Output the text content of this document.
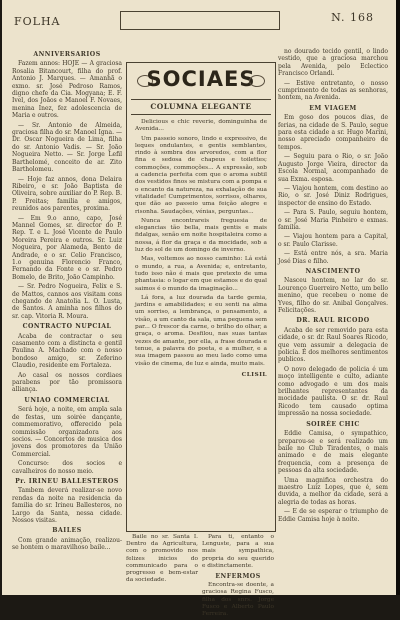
FOLHA	N. 168
ANNIVERSARIOS

Fazem annos: HOJE — A graciosa Rosalia Bitancourt, filha do prof. Antonio J. Marques. — Amanhã o exmo. sr. José Pedroso Ramos, digno chefe da Cia. Mogyana; E. F. Ivel, dos Joãos e Manoel F. Novaes, menina Inez, fez adolescencia de Maria e outros.

— Sr. Antonio de Almeida, graciosa filha do sr. Manoel Igna. — Dr. Oscar Nogueira de Lima, filha do sr. Antonio Vadis. — Sr. João Nogueira Netto. — Sr. Jorge Lefil Barthelomé, conceito de ar. Zito Bartholomeu.

— Hoje faz annos, dona Delaira Ribeiro, e sr. João Baptista de Oliveira, sobre auxiliar do P. Rep. B. P. Freitas; familia e amigos, reunidos aos parentes, proxima.

— Em 9.o anno, capo, José Mannel Gomes, sr. director do P. Rep. T. e L. José Vicente de Paulo Moreira Pereira e outros. Sr. Luiz Nogueira, por Alameda, Bento de Andrade, e o sr. Celio Francisco, 1.o genuina Florencio Franco, Fernando da Fonte e o sr. Pedro Bomelo, de Brito, João Campinho.

— Sr. Pedro Nogueira, Felix e S. de Mattos, cannos aos visitam cons chegando de Anatolia L. O. Lusta, de Santos. A aminha nos filhos do sr. cap. Vitoria R. Moura.

CONTRACTO NUPCIAL

Acaba de contractar o seu casamento com a distincta e gentil Paulina A. Machado com o nosso bondoso amigo, sr. Zeferino Claudio, residente em Fortaleza.

Ao casal os nossos cordiaes parabens por tão promissora alliança.

UNIAO COMMERCIAL

Será hoje, a noite, em ampla sala de festas, um soirée dançante, commemorativo, offerecido pela commissão organizadora aos socios. — Concertos de musica dos jovens dos promotores da União Commercial.

Concurso: dos socios e cavalheiros do nosso meio.

Pr. IRINEU BALLESTEROS

Tambem deverá realizar-se novo rendas da noite na residencia da familia do sr. Irineu Ballesteros, no Largo da Santa, nessa cidade. Nossos visitas.

BAILES

Com grande animação, realizou-se hontem o maravilhoso baile...

SOCIAES
COLUMNA ELEGANTE

Delicious e chic reverie, dominguinha de Avenida...

Um passeio sonoro, lindo e expressivo, de leques ondulantes, e gentis semblantes, rindo à sombra dos arvoredos, com a flor fina e sedosa de chapeus e toilettes; commoções, commoções... A expressão, sob a cadencia perfeita com que o aroma subtil dos vestidos finos se mistura com a pompa e o encanto da natureza, na exhalação de sua vitalidade! Cumprimentos, sorrisos, olhares, que dão ao passeio uma feição alegre e risonha. Saudações, vénias, perguntas...

Nunca encontrareis freguesia de elegancias tão bella, mais gentis e mais fidalgas, senão em noite hospitaleira como a nossa, á flor da graça e da mocidade, sob a luz do sol de um domingo de inverno.

Mas, voltemos ao nosso caminho: Lá está o mundo, a rua, a Avenida; e, entretanto, tudo isso não é mais que pretexto de uma phantasia: o logar em que estamos e do qual saimos é o mundo da imaginação...

Lá fora, a luz dourada da tarde gemia, jardins e amabilidades; e eu senti na alma um sorriso, a lembrança, o pensamento, a visão, a um canto da sala, uma pequena sem par... O frescor da carne, o brilho do olhar, a graça, o aroma. Desfilou, nas suas tantas vezes de amante, por ella, a frase dourada e tenue, a palavra do poeta, e a mulher, e a sua imagem passou ao meu lado como uma visão de cinema, de luz e ainda, muito mais.

CLISIL

no dourado tecido gentil, o lindo vestido, que a graciosa marchou pela Avenida, pelo Eclectico Francisco Orlandi.

— Estive entretanto, o nosso cumprimento de todas as senhoras, hontem, na Avenida.

EM VIAGEM

Em goso dos poucos dias, de ferias, na cidade de S. Paulo, segue para esta cidade a sr. Hugo Marini, nosso apreciado companheiro de tempos.

— Seguiu para o Rio, o sr. João Augusto Jorge Vieira, director da Escola Normal, acompanhado de sua Exma. esposa.

— Viajou hontem, com destino ao Rio, o sr. José Diniz Rodrigues, inspector de ensino do Estado.

— Para S. Paulo, seguiu hontem, o sr. José Maria Pinheiro e exmas. familia.

— Viajou hontem para a Capital, o sr. Paulo Clarisse.

— Está entre nós, a sra. Maria José Dias e filho.

NASCIMENTO

Nasceu hontem, no lar do sr. Lourenço Guerreiro Netto, um bello menino, que recebeu o nome de Yves, filho do sr. Anibal Gonçalves. Felicitações.

DR. RAUL RICODO

Acaba de ser removido para esta cidade, o sr. dr. Raul Soares Ricodo, que vem assumir a delegacia de policia. É dos melhores sentimentos publicos.

O novo delegado de policia é um moço intelligente e culto, adiante como advogado e um dos mais brilhantes representantes da mocidade paulista. O sr. dr. Raul Ricodo tem causado optima impressão na nossa sociedade.

SOIRÉE CHIC

Eddie Camisa, o sympathico, preparou-se e será realizado um baile no Club Tiradentes, o mais animado e de mais elegante frequencia, com a presença de pessoas da alta sociedade.

Uma magnifica orchestra do maestro Luiz Lopes, que é, sem duvida, a melhor da cidade, será a alegria de todas as horas.

— E de se esperar o triumpho de Eddie Camisa hoje à noite.

Baile no sr. Santa I. Dentro da Agricultura, com o promovido nos felizes inicios do communicado para o progresso e bem-estar da sociedade.

Para ti, entanto o Lenguste, para a sua mais sympathica, propria do seu querido e distinctamente.

ENFERMOS

Encontra-se doente, a graciosa Regina Fusco, filha dos snrs. Jorge Fusco e Alberto Paulo Ferreira.
